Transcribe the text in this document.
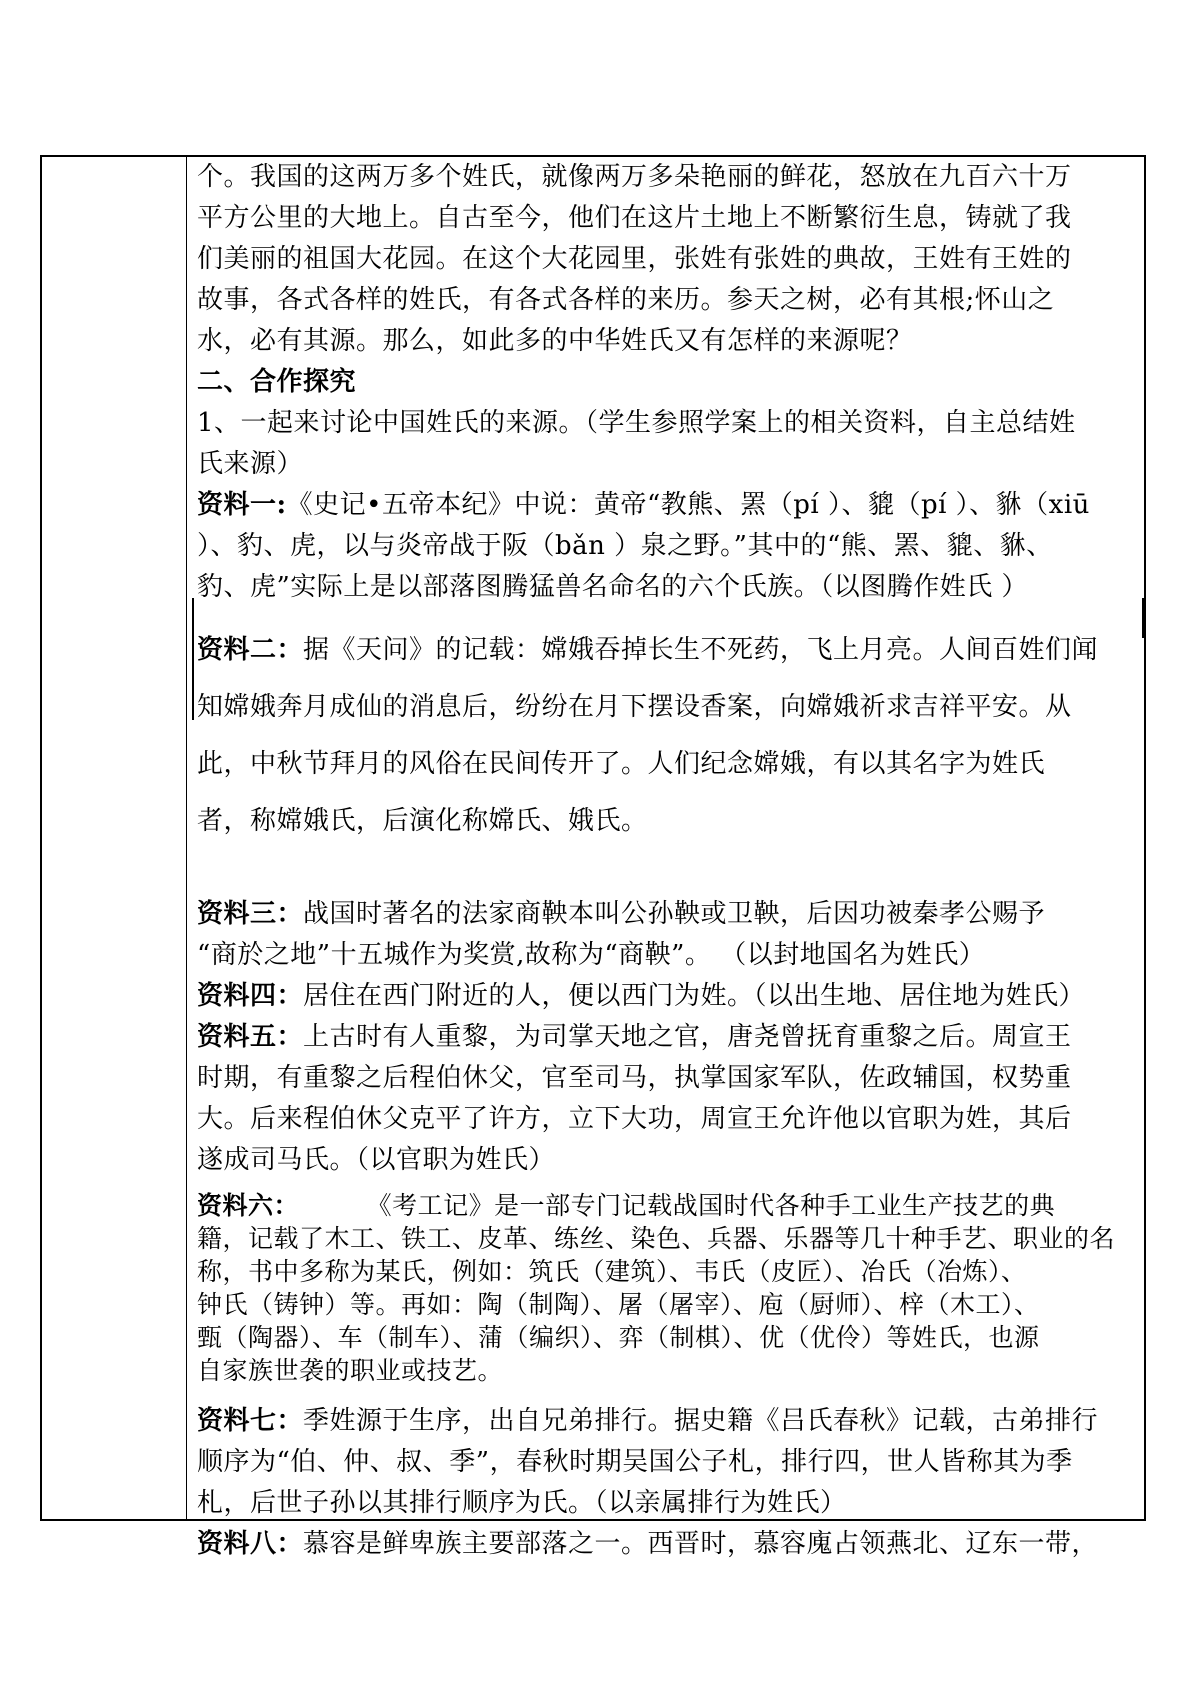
个。我国的这两万多个姓氏，就像两万多朵艳丽的鲜花，怒放在九百六十万

平方公里的大地上。自古至今，他们在这片土地上不断繁衍生息，铸就了我

们美丽的祖国大花园。在这个大花园里，张姓有张姓的典故，王姓有王姓的

故事，各式各样的姓氏，有各式各样的来历。参天之树，必有其根;怀山之

水，必有其源。那么，如此多的中华姓氏又有怎样的来源呢？

二、合作探究

1、一起来讨论中国姓氏的来源。（学生参照学案上的相关资料，自主总结姓

氏来源）

资料一:《史记•五帝本纪》中说：黄帝“教熊、罴（pí ）、貔（pí ）、貅（xiū

）、豹、虎，以与炎帝战于阪（bǎn ）泉之野。”其中的“熊、罴、貔、貅、

豹、虎”实际上是以部落图腾猛兽名命名的六个氏族。（以图腾作姓氏 ）

资料二：据《天问》的记载：嫦娥吞掉长生不死药，飞上月亮。人间百姓们闻

知嫦娥奔月成仙的消息后，纷纷在月下摆设香案，向嫦娥祈求吉祥平安。从

此，中秋节拜月的风俗在民间传开了。人们纪念嫦娥，有以其名字为姓氏

者，称嫦娥氏，后演化称嫦氏、娥氏。

资料三：战国时著名的法家商鞅本叫公孙鞅或卫鞅，后因功被秦孝公赐予

“商於之地”十五城作为奖赏,故称为“商鞅”。 （以封地国名为姓氏）

资料四：居住在西门附近的人，便以西门为姓。（以出生地、居住地为姓氏）

资料五：上古时有人重黎，为司掌天地之官，唐尧曾抚育重黎之后。周宣王

时期，有重黎之后程伯休父，官至司马，执掌国家军队，佐政辅国，权势重

大。后来程伯休父克平了许方，立下大功，周宣王允许他以官职为姓，其后

遂成司马氏。（以官职为姓氏）

资料六：        《考工记》是一部专门记载战国时代各种手工业生产技艺的典

籍，记载了木工、铁工、皮革、练丝、染色、兵器、乐器等几十种手艺、职业的名

称，书中多称为某氏，例如：筑氏（建筑）、韦氏（皮匠）、冶氏（冶炼）、

钟氏（铸钟）等。再如：陶（制陶）、屠（屠宰）、庖（厨师）、梓（木工）、

甄（陶器）、车（制车）、蒲（编织）、弈（制棋）、优（优伶）等姓氏，也源

自家族世袭的职业或技艺。

资料七：季姓源于生序，出自兄弟排行。据史籍《吕氏春秋》记载，古弟排行

顺序为“伯、仲、叔、季”，春秋时期吴国公子札，排行四，世人皆称其为季

札，后世子孙以其排行顺序为氏。（以亲属排行为姓氏）

资料八：慕容是鲜卑族主要部落之一。西晋时，慕容廆占领燕北、辽东一带，
